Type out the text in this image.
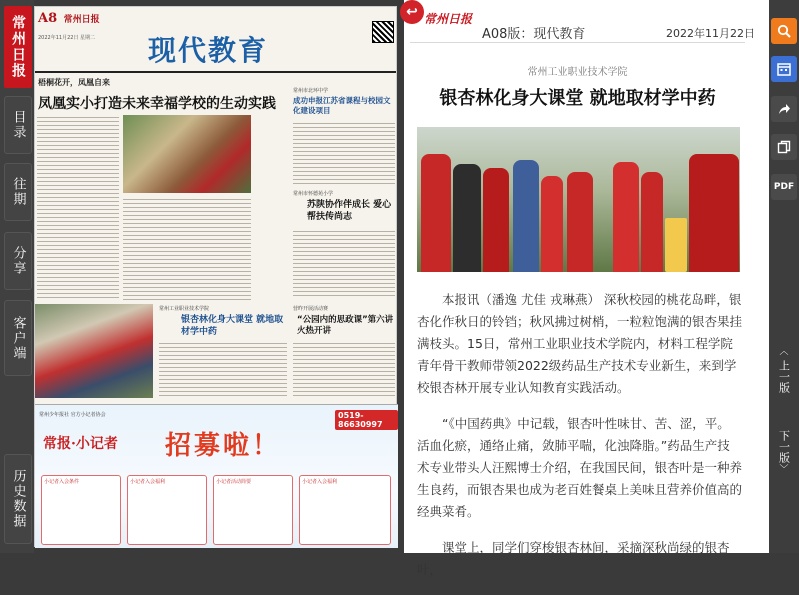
常州日报
目录
往期
分享
客户端
历史数据
A8 常州日报
2022年11月22日 星期二 现代教育
梧桐花开，凤凰自来
凤凰实小打造未来幸福学校的生动实践
常州市北环中学
成功申报江苏省课程与校园文化建设项目
常州市怀德苑小学
苏陕协作伴成长 爱心帮扶传尚志
常州工业职业技术学院
银杏林化身大课堂 就地取材学中药
营昨开展活动赛
“公园内的思政课”第六讲火热开讲
常州少年报社 官方小记者协会	0519-86630997
常报·小记者 招募啦！
小记者入会条件	小记者入会福利	小记者活动简要	小记者入会福利
↩ 常州日报
A08版：现代教育	2022年11月22日
常州工业职业技术学院
银杏林化身大课堂 就地取材学中药

本报讯（潘逸 尤佳 戎琳燕） 深秋校园的桃花岛畔，银杏化作秋日的铃铛；秋风拂过树梢，一粒粒饱满的银杏果挂满枝头。15日，常州工业职业技术学院内，材料工程学院青年骨干教师带领2022级药品生产技术专业新生，来到学校银杏林开展专业认知教育实践活动。

“《中国药典》中记载，银杏叶性味甘、苦、涩，平。活血化瘀，通络止痛，敛肺平喘，化浊降脂。”药品生产技术专业带头人汪熙博士介绍，在我国民间，银杏叶是一种养生良药，而银杏果也成为老百姓餐桌上美味且营养价值高的经典菜肴。

课堂上，同学们穿梭银杏林间，采摘深秋尚绿的银杏叶，

PDF
︿
上一版
下一版
﹀
